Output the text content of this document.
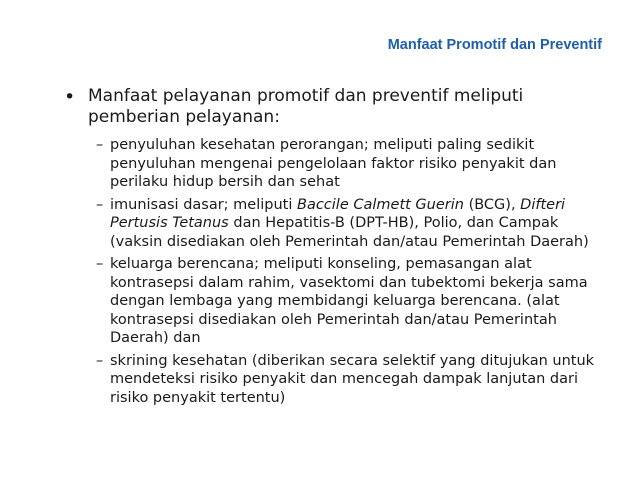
Manfaat Promotif dan Preventif
• Manfaat pelayanan promotif dan preventif meliputi pemberian pelayanan:
– penyuluhan kesehatan perorangan; meliputi paling sedikit penyuluhan mengenai pengelolaan faktor risiko penyakit dan perilaku hidup bersih dan sehat
– imunisasi dasar; meliputi Baccile Calmett Guerin (BCG), Difteri Pertusis Tetanus dan Hepatitis-B (DPT-HB), Polio, dan Campak (vaksin disediakan oleh Pemerintah dan/atau Pemerintah Daerah)
– keluarga berencana; meliputi konseling, pemasangan alat kontrasepsi dalam rahim, vasektomi dan tubektomi bekerja sama dengan lembaga yang membidangi keluarga berencana. (alat kontrasepsi disediakan oleh Pemerintah dan/atau Pemerintah Daerah) dan
– skrining kesehatan (diberikan secara selektif yang ditujukan untuk mendeteksi risiko penyakit dan mencegah dampak lanjutan dari risiko penyakit tertentu)
